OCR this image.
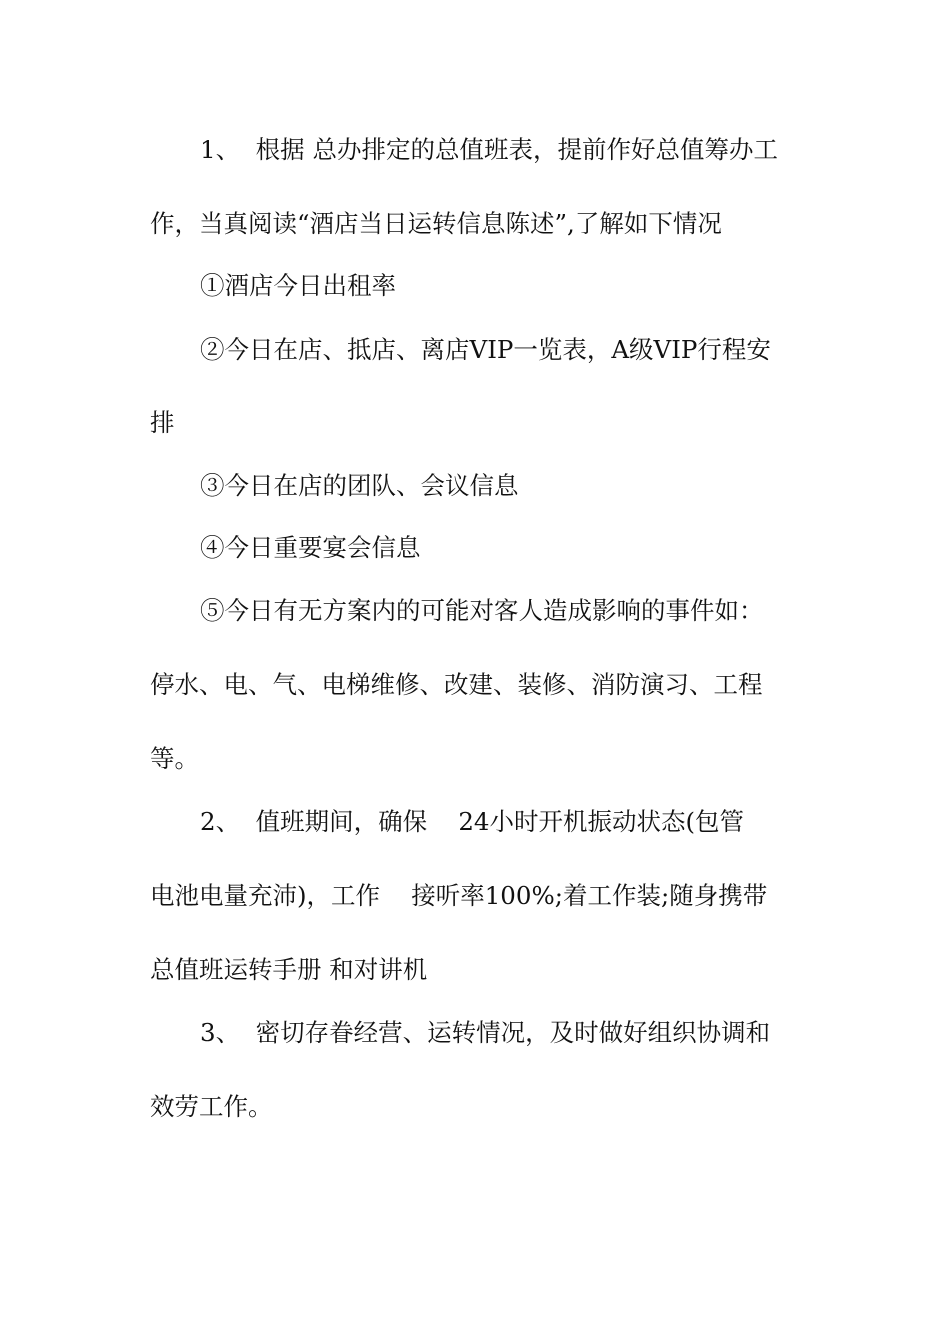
1、  根据 总办排定的总值班表，提前作好总值筹办工
作，当真阅读“酒店当日运转信息陈述”,了解如下情况
①酒店今日出租率
②今日在店、抵店、离店VIP一览表，A级VIP行程安
排
③今日在店的团队、会议信息
④今日重要宴会信息
⑤今日有无方案内的可能对客人造成影响的事件如：
停水、电、气、电梯维修、改建、装修、消防演习、工程
等。
2、  值班期间，确保    24小时开机振动状态(包管
电池电量充沛)，工作    接听率100%;着工作装;随身携带
总值班运转手册 和对讲机
3、  密切存眷经营、运转情况，及时做好组织协调和
效劳工作。
